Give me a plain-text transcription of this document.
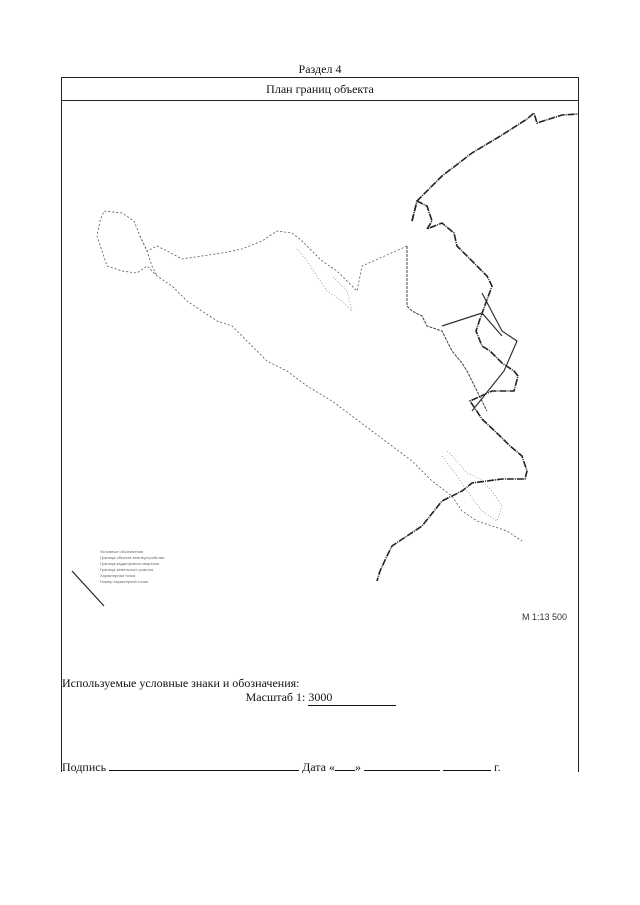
Раздел 4
План границ объекта
Условные обозначения
Граница объекта землеустройства
Граница кадастрового квартала
Граница земельного участка
Характерная точка
Номер характерной точки
М 1:13 500
Масштаб 1: 3000
Используемые условные знаки и обозначения:
Подпись	Дата « »	г.
